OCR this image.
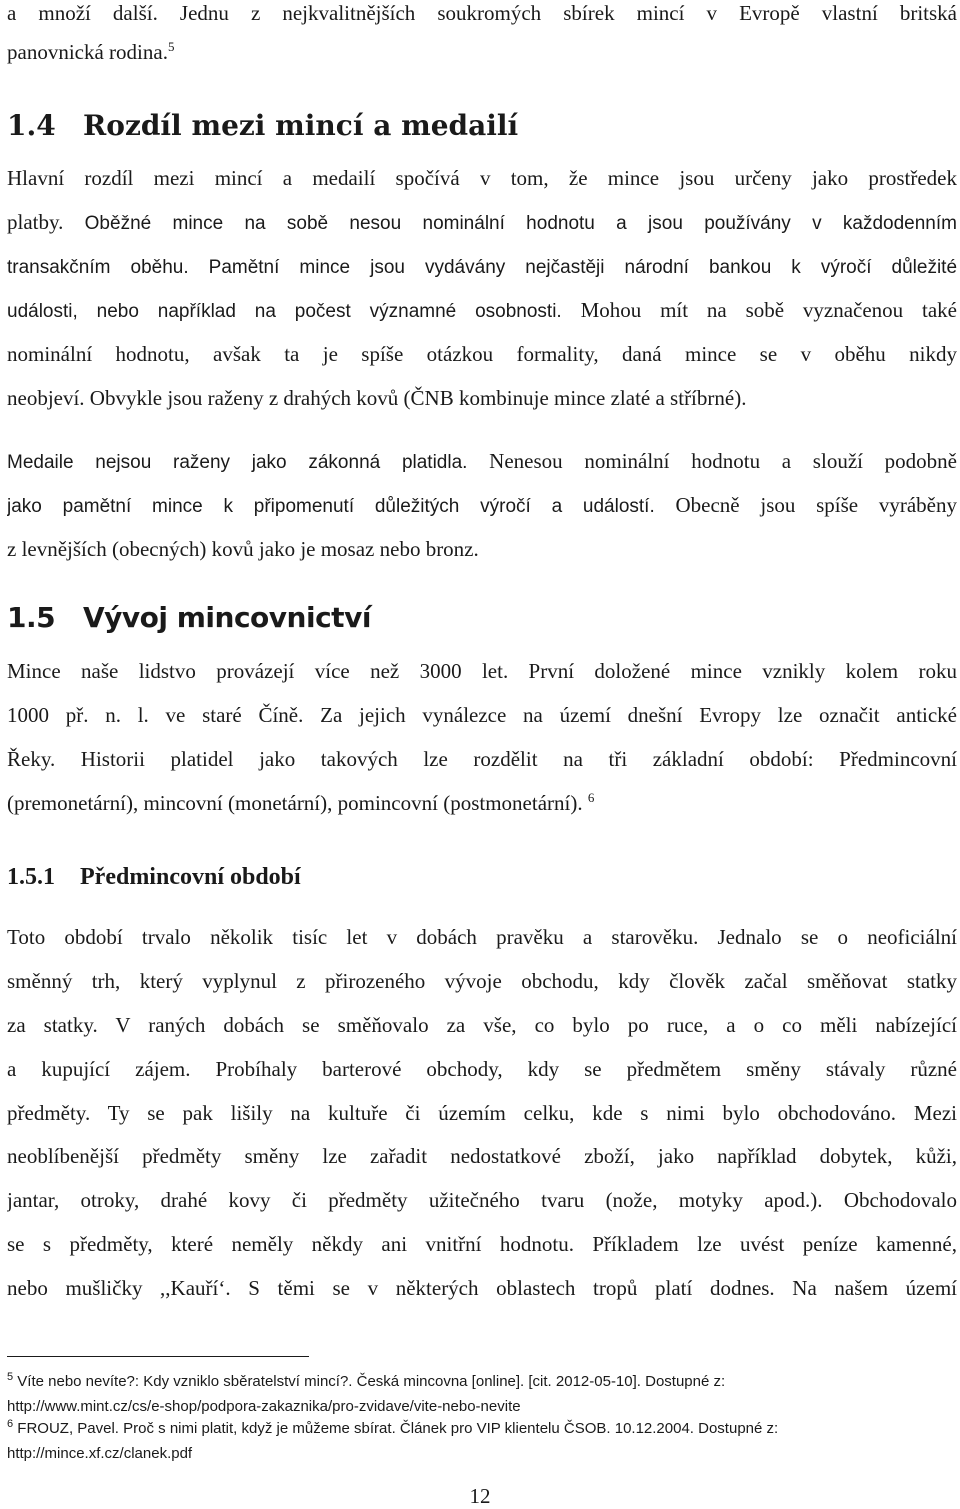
a množí další. Jednu z nejkvalitnějších soukromých sbírek mincí v Evropě vlastní britská
panovnická rodina.$^5$
1.4 Rozdíl mezi mincí a medailí
Hlavní rozdíl mezi mincí a medailí spočívá v tom, že mince jsou určeny jako prostředek
platby. Oběžné mince na sobě nesou nominální hodnotu a jsou používány v každodenním
transakčním oběhu. Pamětní mince jsou vydávány nejčastěji národní bankou k výročí důležité
události, nebo například na počest významné osobnosti. Mohou mít na sobě vyznačenou také
nominální hodnotu, avšak ta je spíše otázkou formality, daná mince se v oběhu nikdy
neobjeví. Obvykle jsou raženy z drahých kovů (ČNB kombinuje mince zlaté a stříbrné).
Medaile nejsou raženy jako zákonná platidla. Nenesou nominální hodnotu a slouží podobně
jako pamětní mince k připomenutí důležitých výročí a událostí. Obecně jsou spíše vyráběny
z levnějších (obecných) kovů jako je mosaz nebo bronz.
1.5 Vývoj mincovnictví
Mince naše lidstvo provázejí více než 3000 let. První doložené mince vznikly kolem roku
1000 př. n. l. ve staré Číně. Za jejich vynálezce na území dnešní Evropy lze označit antické
Řeky. Historii platidel jako takových lze rozdělit na tři základní období: Předmincovní
(premonetární), mincovní (monetární), pomincovní (postmonetární). $^6$
1.5.1 Předmincovní období
Toto období trvalo několik tisíc let v dobách pravěku a starověku. Jednalo se o neoficiální
směnný trh, který vyplynul z přirozeného vývoje obchodu, kdy člověk začal směňovat statky
za statky. V raných dobách se směňovalo za vše, co bylo po ruce, a o co měli nabízející
a kupující zájem. Probíhaly barterové obchody, kdy se předmětem směny stávaly různé
předměty. Ty se pak lišily na kultuře či územím celku, kde s nimi bylo obchodováno. Mezi
neoblíbenější předměty směny lze zařadit nedostatkové zboží, jako například dobytek, kůži,
jantar, otroky, drahé kovy či předměty užitečného tvaru (nože, motyky apod.). Obchodovalo
se s předměty, které neměly někdy ani vnitřní hodnotu. Příkladem lze uvést peníze kamenné,
nebo mušličky ,,Kauří‘. S těmi se v některých oblastech tropů platí dodnes. Na našem území
$^5$ Víte nebo nevíte?: Kdy vzniklo sběratelství mincí?. Česká mincovna [online]. [cit. 2012-05-10]. Dostupné z:
http://www.mint.cz/cs/e-shop/podpora-zakaznika/pro-zvidave/vite-nebo-nevite
$^6$ FROUZ, Pavel. Proč s nimi platit, když je můžeme sbírat. Článek pro VIP klientelu ČSOB. 10.12.2004. Dostupné z:
http://mince.xf.cz/clanek.pdf
12
